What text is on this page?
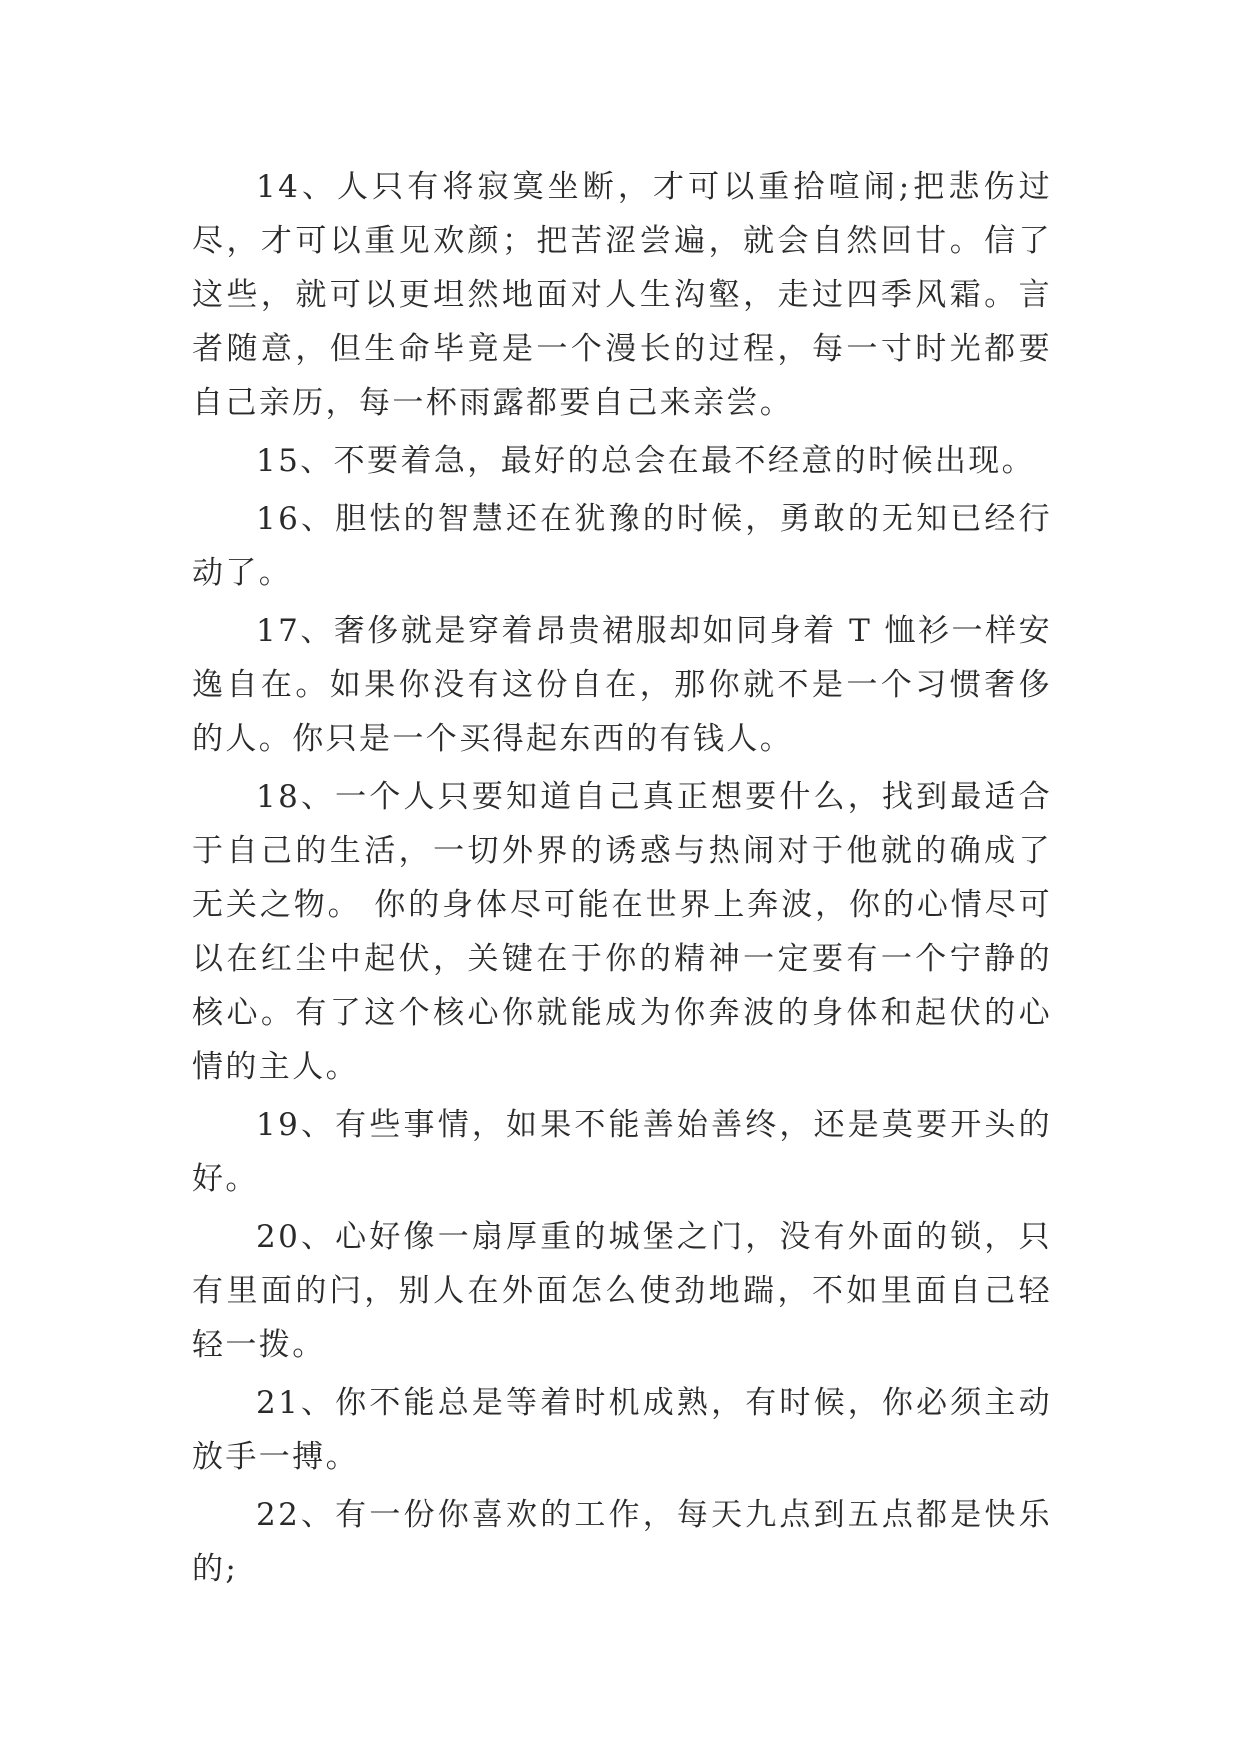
14、人只有将寂寞坐断，才可以重拾喧闹;把悲伤过尽，才可以重见欢颜；把苦涩尝遍，就会自然回甘。信了这些，就可以更坦然地面对人生沟壑，走过四季风霜。言者随意，但生命毕竟是一个漫长的过程，每一寸时光都要自己亲历，每一杯雨露都要自己来亲尝。

15、不要着急，最好的总会在最不经意的时候出现。

16、胆怯的智慧还在犹豫的时候，勇敢的无知已经行动了。

17、奢侈就是穿着昂贵裙服却如同身着 T 恤衫一样安逸自在。如果你没有这份自在，那你就不是一个习惯奢侈的人。你只是一个买得起东西的有钱人。

18、一个人只要知道自己真正想要什么，找到最适合于自己的生活，一切外界的诱惑与热闹对于他就的确成了无关之物。 你的身体尽可能在世界上奔波，你的心情尽可以在红尘中起伏，关键在于你的精神一定要有一个宁静的核心。有了这个核心你就能成为你奔波的身体和起伏的心情的主人。

19、有些事情，如果不能善始善终，还是莫要开头的好。

20、心好像一扇厚重的城堡之门，没有外面的锁，只有里面的闩，别人在外面怎么使劲地踹，不如里面自己轻轻一拨。

21、你不能总是等着时机成熟，有时候，你必须主动放手一搏。

22、有一份你喜欢的工作，每天九点到五点都是快乐的;
